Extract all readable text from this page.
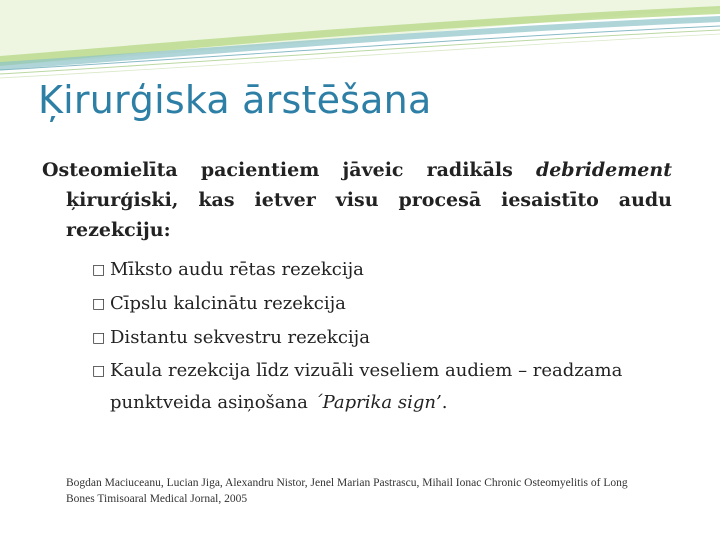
Ķirurģiska ārstēšana

Osteomielīta pacientiem jāveic radikāls debridement ķirurģiski, kas ietver visu procesā iesaistīto audu rezekciju:

□ Mīksto audu rētas rezekcija
□ Cīpslu kalcinātu rezekcija
□ Distantu sekvestru rezekcija
□ Kaula rezekcija līdz vizuāli veseliem audiem – readzama punktveida asiņošana ´Paprika sign’.
Bogdan Maciuceanu, Lucian Jiga, Alexandru Nistor, Jenel Marian Pastrascu, Mihail Ionac Chronic Osteomyelitis of Long Bones Timisoaral Medical Jornal, 2005
